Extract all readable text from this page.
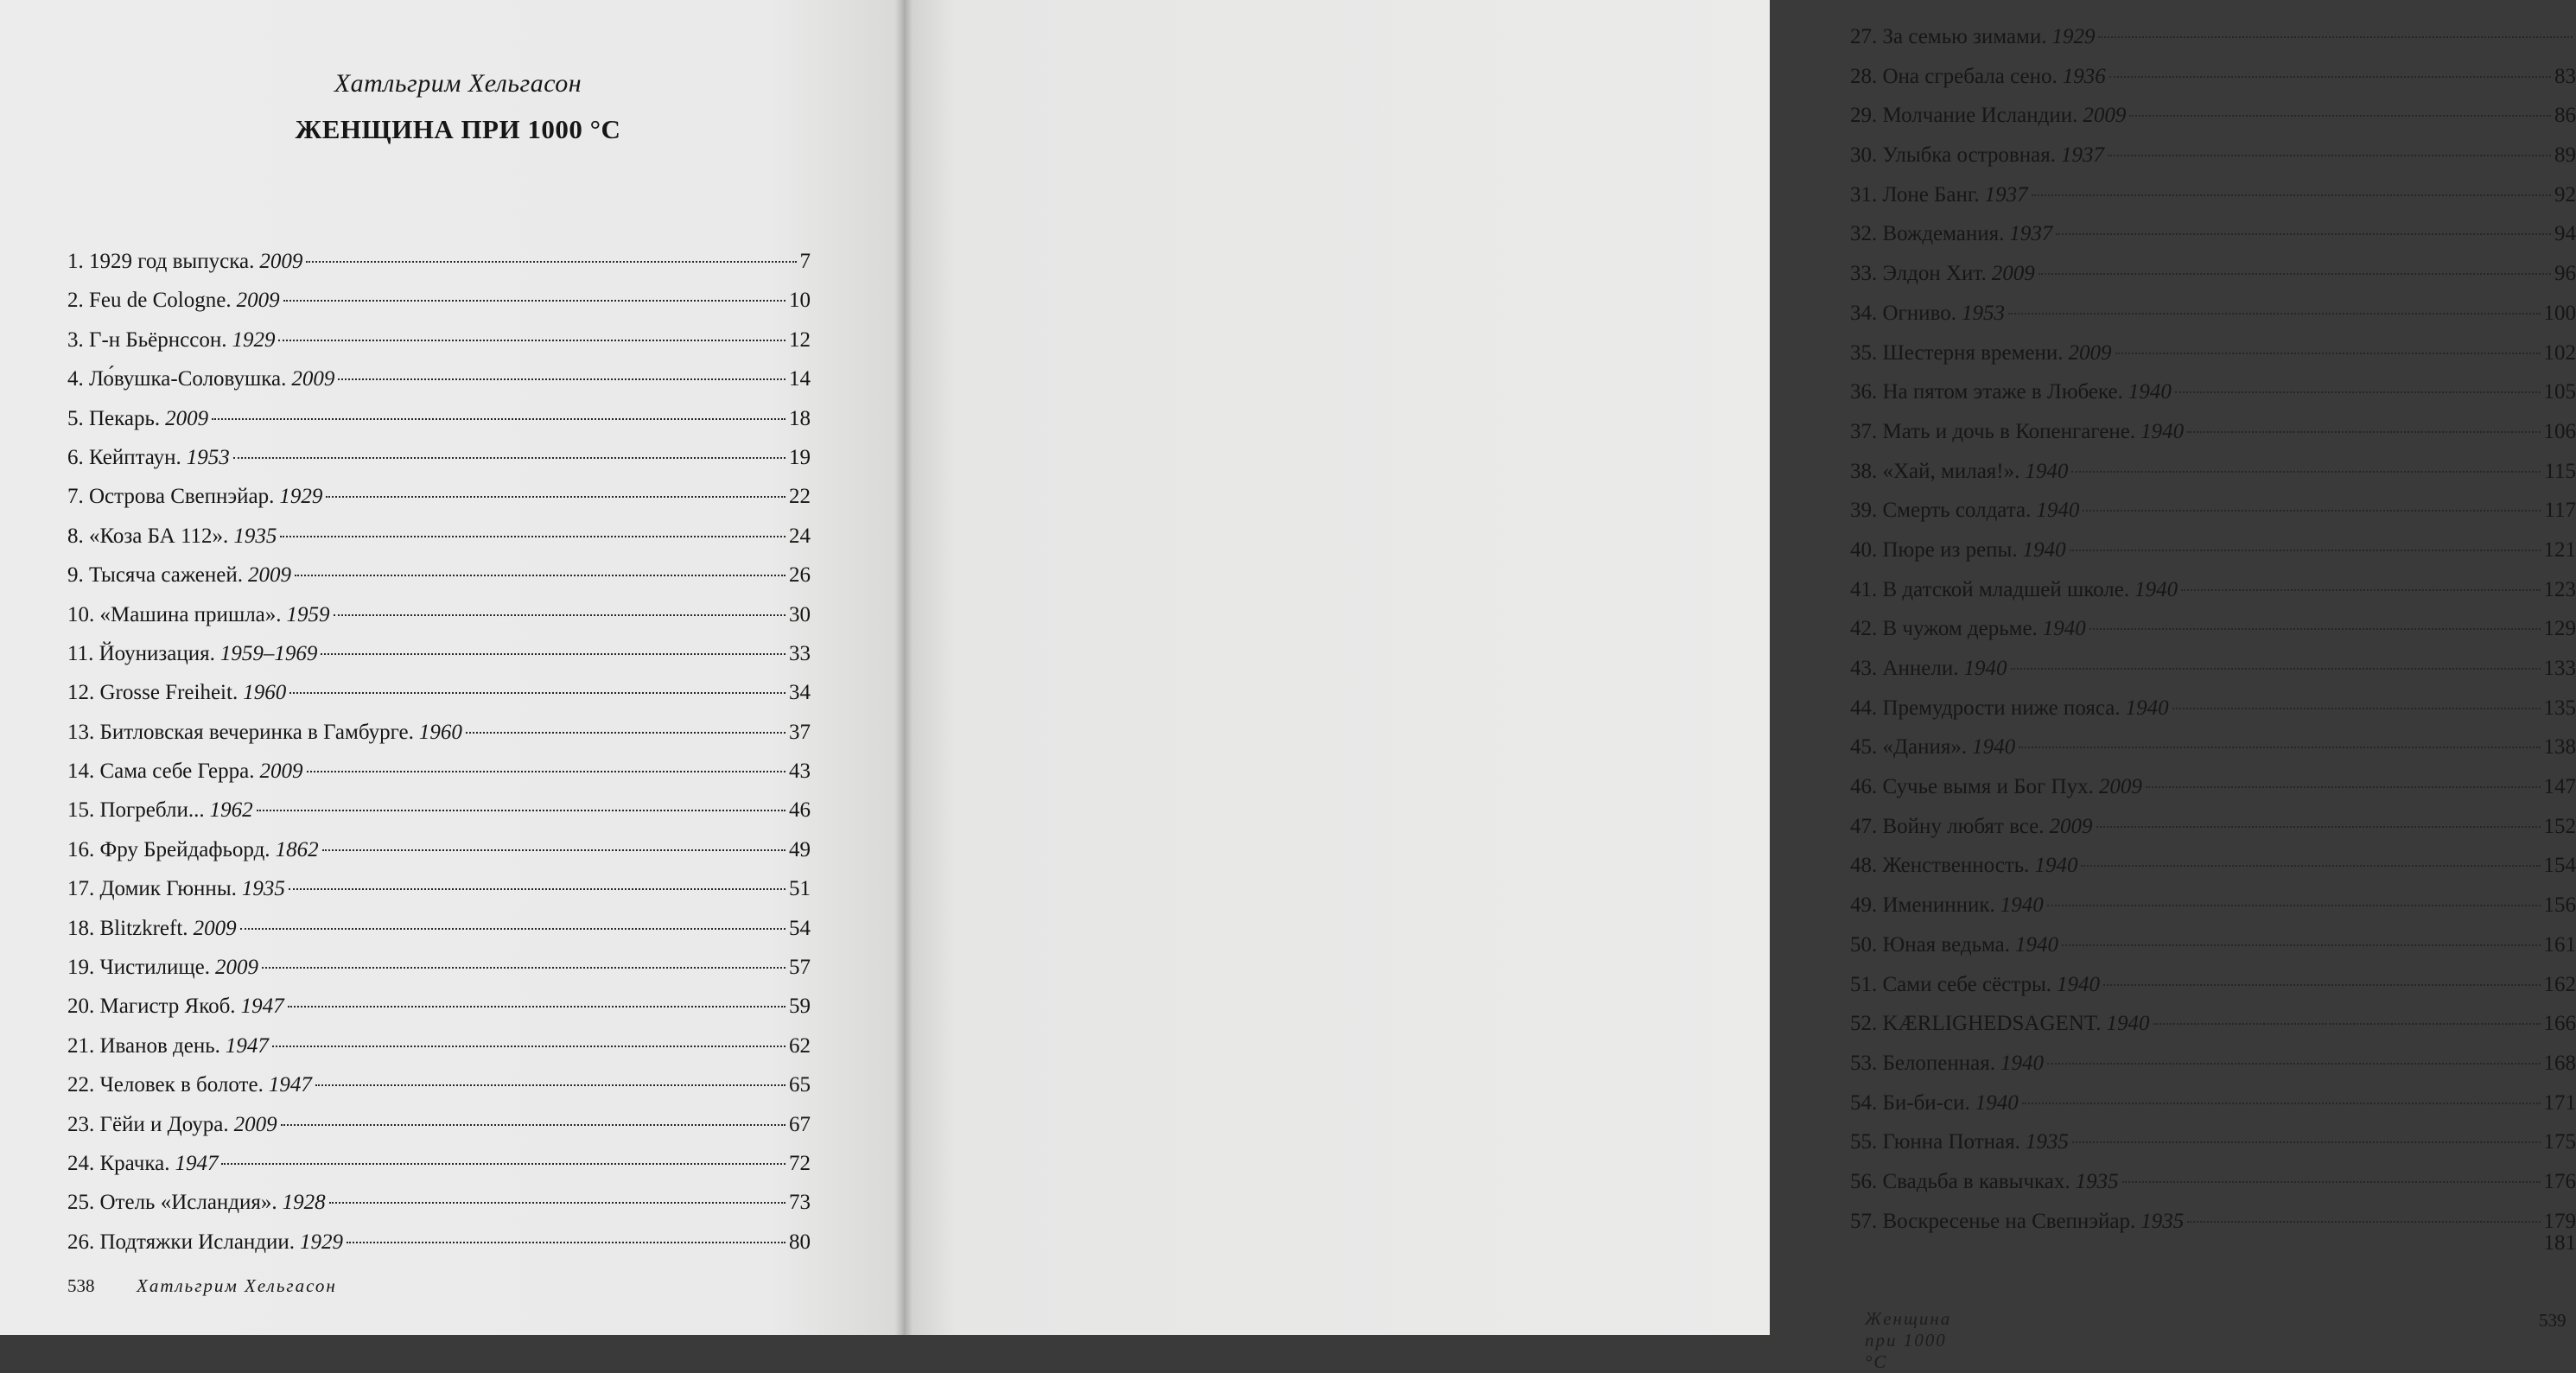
Хатльгрим Хельгасон
ЖЕНЩИНА ПРИ 1000 °С
1. 1929 год выпуска. 2009	7
2. Feu de Cologne. 2009	10
3. Г-н Бьёрнссон. 1929	12
4. Ло́вушка-Соловушка. 2009	14
5. Пекарь. 2009	18
6. Кейптаун. 1953	19
7. Острова Свепнэйар. 1929	22
8. «Коза БА 112». 1935	24
9. Тысяча саженей. 2009	26
10. «Машина пришла». 1959	30
11. Йоунизация. 1959–1969	33
12. Grosse Freiheit. 1960	34
13. Битловская вечеринка в Гамбурге. 1960	37
14. Сама себе Герра. 2009	43
15. Погребли... 1962	46
16. Фру Брейдафьорд. 1862	49
17. Домик Гюнны. 1935	51
18. Blitzkreft. 2009	54
19. Чистилище. 2009	57
20. Магистр Якоб. 1947	59
21. Иванов день. 1947	62
22. Человек в болоте. 1947	65
23. Гёйи и Доура. 2009	67
24. Крачка. 1947	72
25. Отель «Исландия». 1928	73
26. Подтяжки Исландии. 1929	80
538 Хатльгрим Хельгасон
27. За семью зимами. 1929
28. Она сгребала сено. 1936	83
29. Молчание Исландии. 2009	86
30. Улыбка островная. 1937	89
31. Лоне Банг. 1937	92
32. Вождемания. 1937	94
33. Элдон Хит. 2009	96
34. Огниво. 1953	100
35. Шестерня времени. 2009	102
36. На пятом этаже в Любеке. 1940	105
37. Мать и дочь в Копенгагене. 1940	106
38. «Хай, милая!». 1940	115
39. Смерть солдата. 1940	117
40. Пюре из репы. 1940	121
41. В датской младшей школе. 1940	123
42. В чужом дерьме. 1940	129
43. Аннели. 1940	133
44. Премудрости ниже пояса. 1940	135
45. «Дания». 1940	138
46. Сучье вымя и Бог Пух. 2009	147
47. Войну любят все. 2009	152
48. Женственность. 1940	154
49. Именинник. 1940	156
50. Юная ведьма. 1940	161
51. Сами себе сёстры. 1940	162
52. KÆRLIGHEDSAGENT. 1940	166
53. Белопенная. 1940	168
54. Би-би-си. 1940	171
55. Гюнна Потная. 1935	175
56. Свадьба в кавычках. 1935	176
57. Воскресенье на Свепнэйар. 1935	179
181
Женщина при 1000 °С
539
